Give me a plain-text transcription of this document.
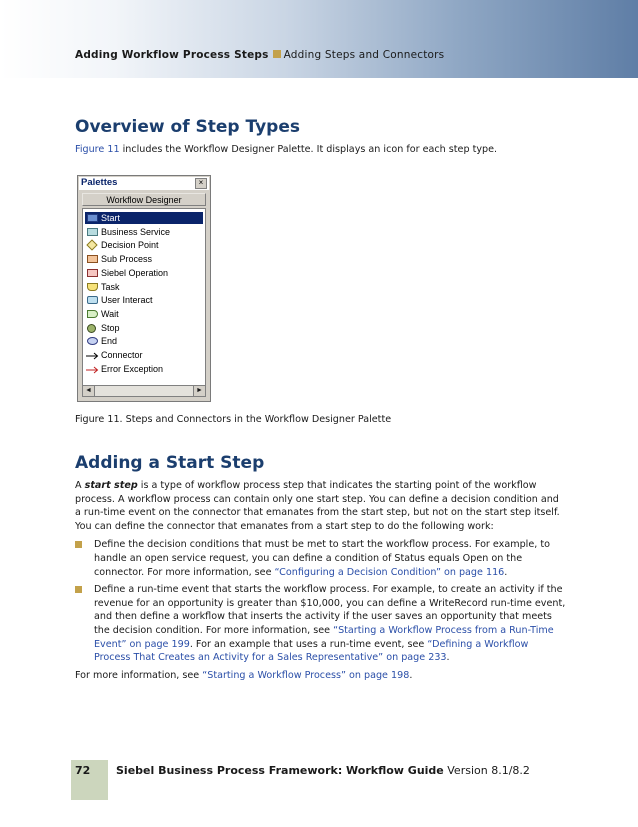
Adding Workflow Process Steps Adding Steps and Connectors
Overview of Step Types
Figure 11 includes the Workflow Designer Palette. It displays an icon for each step type.
Palettes	×
Workflow Designer
Start
Business Service
Decision Point
Sub Process
Siebel Operation
Task
User Interact
Wait
Stop
End
Connector
Error Exception
◄	►
Figure 11. Steps and Connectors in the Workflow Designer Palette
Adding a Start Step
A start step is a type of workflow process step that indicates the starting point of the workflow process. A workflow process can contain only one start step. You can define a decision condition and a run-time event on the connector that emanates from the start step, but not on the start step itself. You can define the connector that emanates from a start step to do the following work:
Define the decision conditions that must be met to start the workflow process. For example, to handle an open service request, you can define a condition of Status equals Open on the connector. For more information, see “Configuring a Decision Condition” on page 116.
Define a run-time event that starts the workflow process. For example, to create an activity if the revenue for an opportunity is greater than $10,000, you can define a WriteRecord run-time event, and then define a workflow that inserts the activity if the user saves an opportunity that meets the decision condition. For more information, see “Starting a Workflow Process from a Run-Time Event” on page 199. For an example that uses a run-time event, see “Defining a Workflow Process That Creates an Activity for a Sales Representative” on page 233.
For more information, see “Starting a Workflow Process” on page 198.
72 Siebel Business Process Framework: Workflow Guide Version 8.1/8.2
